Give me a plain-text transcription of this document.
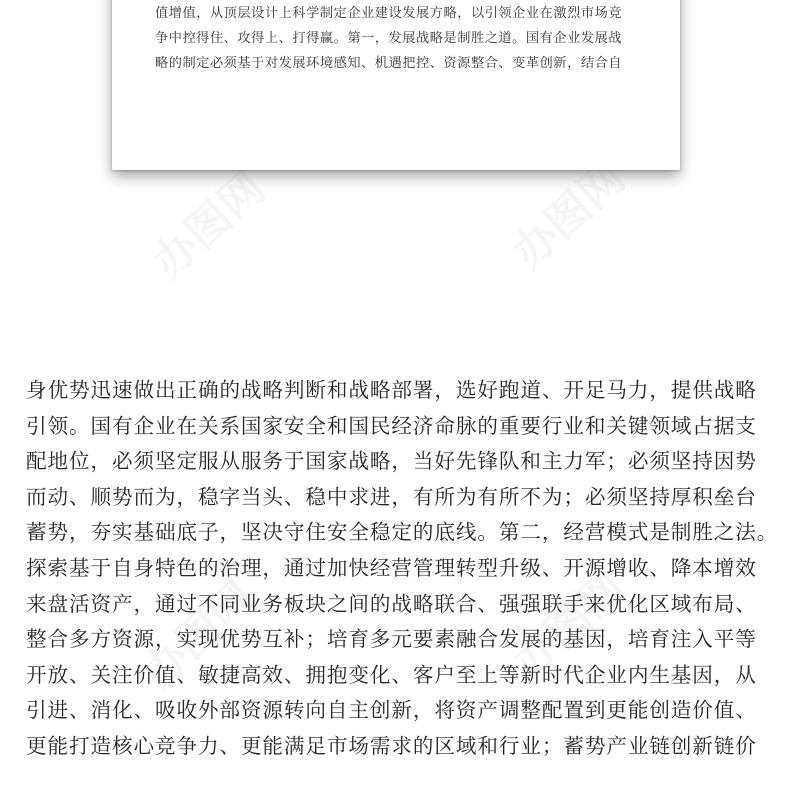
值增值，从顶层设计上科学制定企业建设发展方略，以引领企业在激烈市场竞
争中控得住、攻得上、打得赢。第一，发展战略是制胜之道。国有企业发展战
略的制定必须基于对发展环境感知、机遇把控、资源整合、变革创新，结合自

身优势迅速做出正确的战略判断和战略部署，选好跑道、开足马力，提供战略
引领。国有企业在关系国家安全和国民经济命脉的重要行业和关键领域占据支
配地位，必须坚定服从服务于国家战略，当好先锋队和主力军；必须坚持因势
而动、顺势而为，稳字当头、稳中求进，有所为有所不为；必须坚持厚积垒台
蓄势，夯实基础底子，坚决守住安全稳定的底线。第二，经营模式是制胜之法。
探索基于自身特色的治理，通过加快经营管理转型升级、开源增收、降本增效
来盘活资产，通过不同业务板块之间的战略联合、强强联手来优化区域布局、
整合多方资源，实现优势互补；培育多元要素融合发展的基因，培育注入平等
开放、关注价值、敏捷高效、拥抱变化、客户至上等新时代企业内生基因，从
引进、消化、吸收外部资源转向自主创新，将资产调整配置到更能创造价值、
更能打造核心竞争力、更能满足市场需求的区域和行业；蓄势产业链创新链价
